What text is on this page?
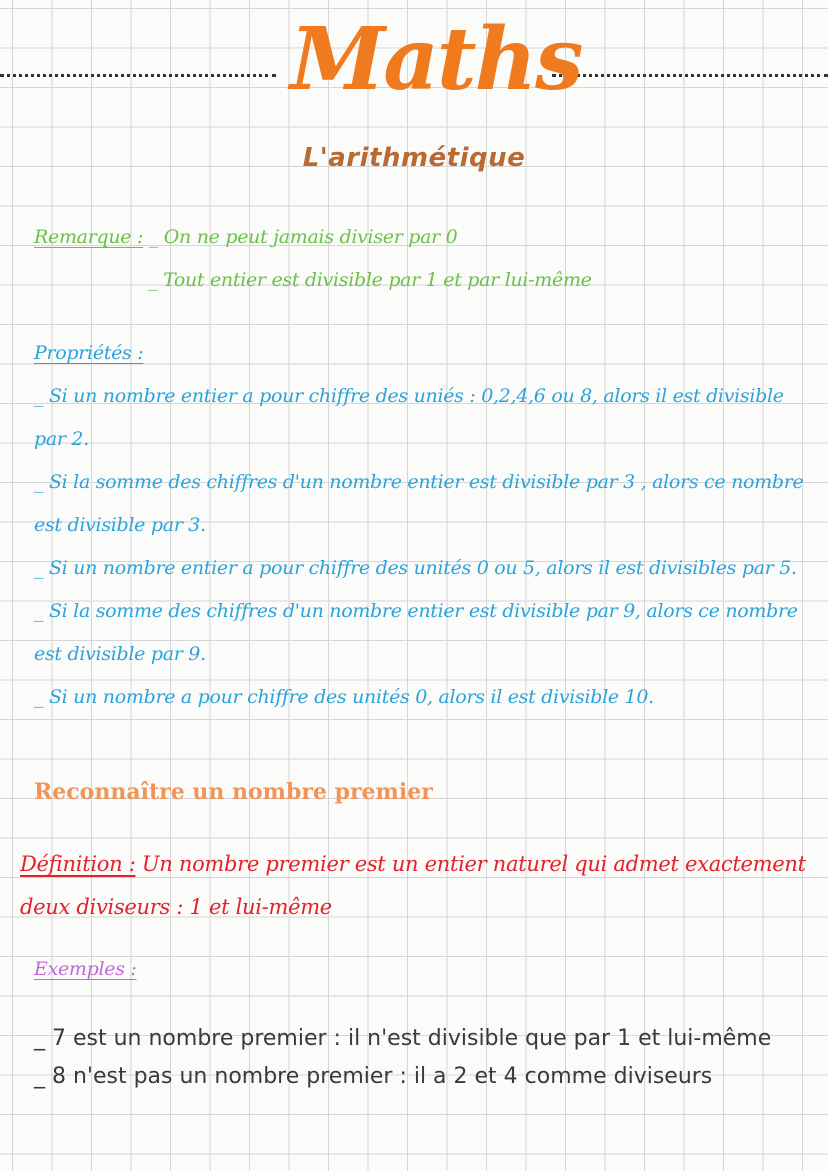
Maths
L'arithmétique
Remarque : _ On ne peut jamais diviser par 0
_ Tout entier est divisible par 1 et par lui-même

Propriétés :

_ Si un nombre entier a pour chiffre des uniés : 0,2,4,6 ou 8, alors il est divisible par 2.

_ Si la somme des chiffres d'un nombre entier est divisible par 3 , alors ce nombre est divisible par 3.

_ Si un nombre entier a pour chiffre des unités 0 ou 5, alors il est divisibles par 5.

_ Si la somme des chiffres d'un nombre entier est divisible par 9, alors ce nombre est divisible par 9.

_ Si un nombre a pour chiffre des unités 0, alors il est divisible 10.

Reconnaître un nombre premier
Définition : Un nombre premier est un entier naturel qui admet exactement deux diviseurs : 1 et lui-même
Exemples :

_ 7 est un nombre premier : il n'est divisible que par 1 et lui-même

_ 8 n'est pas un nombre premier : il a 2 et 4 comme diviseurs
